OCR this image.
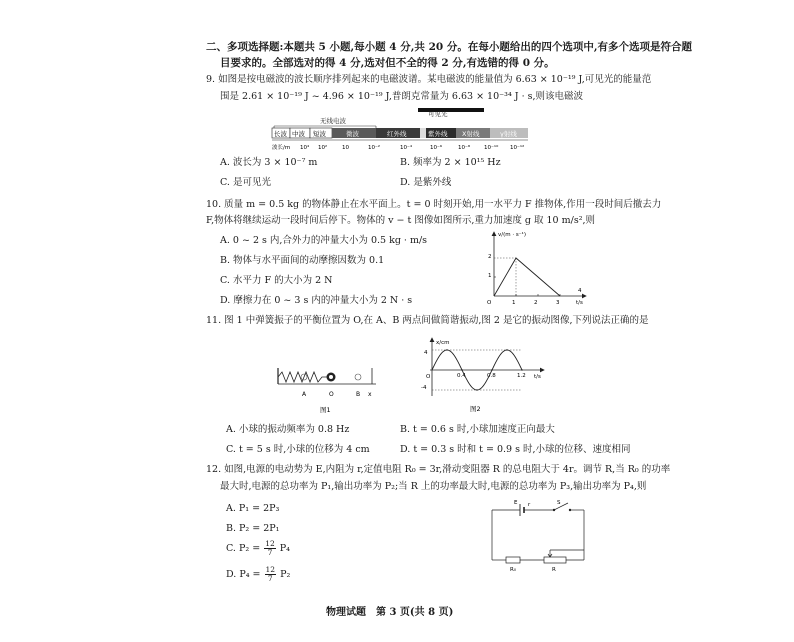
二、多项选择题:本题共 5 小题,每小题 4 分,共 20 分。在每小题给出的四个选项中,有多个选项是符合题
目要求的。全部选对的得 4 分,选对但不全的得 2 分,有选错的得 0 分。
9. 如图是按电磁波的波长顺序排列起来的电磁波谱。某电磁波的能量值为 6.63 × 10⁻¹⁹ J,可见光的能量范
围是 2.61 × 10⁻¹⁹ J ~ 4.96 × 10⁻¹⁹ J,普朗克常量为 6.63 × 10⁻³⁴ J · s,则该电磁波
可见光
无线电波
长波 中波 短波	微波	红外线	紫外线 X射线	γ射线
波长/m 10⁴ 10²	10	10⁻²	10⁻⁴	10⁻⁶	10⁻⁸	10⁻¹⁰ 10⁻¹²
A. 波长为 3 × 10⁻⁷ m	B. 频率为 2 × 10¹⁵ Hz
C. 是可见光	D. 是紫外线
10. 质量 m = 0.5 kg 的物体静止在水平面上。t = 0 时刻开始,用一水平力 F 推物体,作用一段时间后撤去力
F,物体将继续运动一段时间后停下。物体的 v − t 图像如图所示,重力加速度 g 取 10 m/s²,则
A. 0 ~ 2 s 内,合外力的冲量大小为 0.5 kg · m/s
B. 物体与水平面间的动摩擦因数为 0.1
C. 水平力 F 的大小为 2 N
D. 摩擦力在 0 ~ 3 s 内的冲量大小为 2 N · s
v/(m · s⁻¹)
t/s
O
1
2
1	2	3
4
11. 图 1 中弹簧振子的平衡位置为 O,在 A、B 两点间做简谐振动,图 2 是它的振动图像,下列说法正确的是
A	O	B x
图1
x/cm
t/s
O
4
-4
0.4	0.8	1.2
图2
A. 小球的振动频率为 0.8 Hz	B. t = 0.6 s 时,小球加速度正向最大
C. t = 5 s 时,小球的位移为 4 cm	D. t = 0.3 s 时和 t = 0.9 s 时,小球的位移、速度相同
12. 如图,电源的电动势为 E,内阻为 r,定值电阻 R₀ = 3r,滑动变阻器 R 的总电阻大于 4r。调节 R,当 R₀ 的功率
最大时,电源的总功率为 P₁,输出功率为 P₂;当 R 上的功率最大时,电源的总功率为 P₃,输出功率为 P₄,则
A. P₁ = 2P₃
B. P₂ = 2P₁
C. $P_2 = \frac{12}{7} P_4$
D. $P_4 = \frac{12}{7} P_2$
E r	S
R₀	R
物理试题　第 3 页(共 8 页)
